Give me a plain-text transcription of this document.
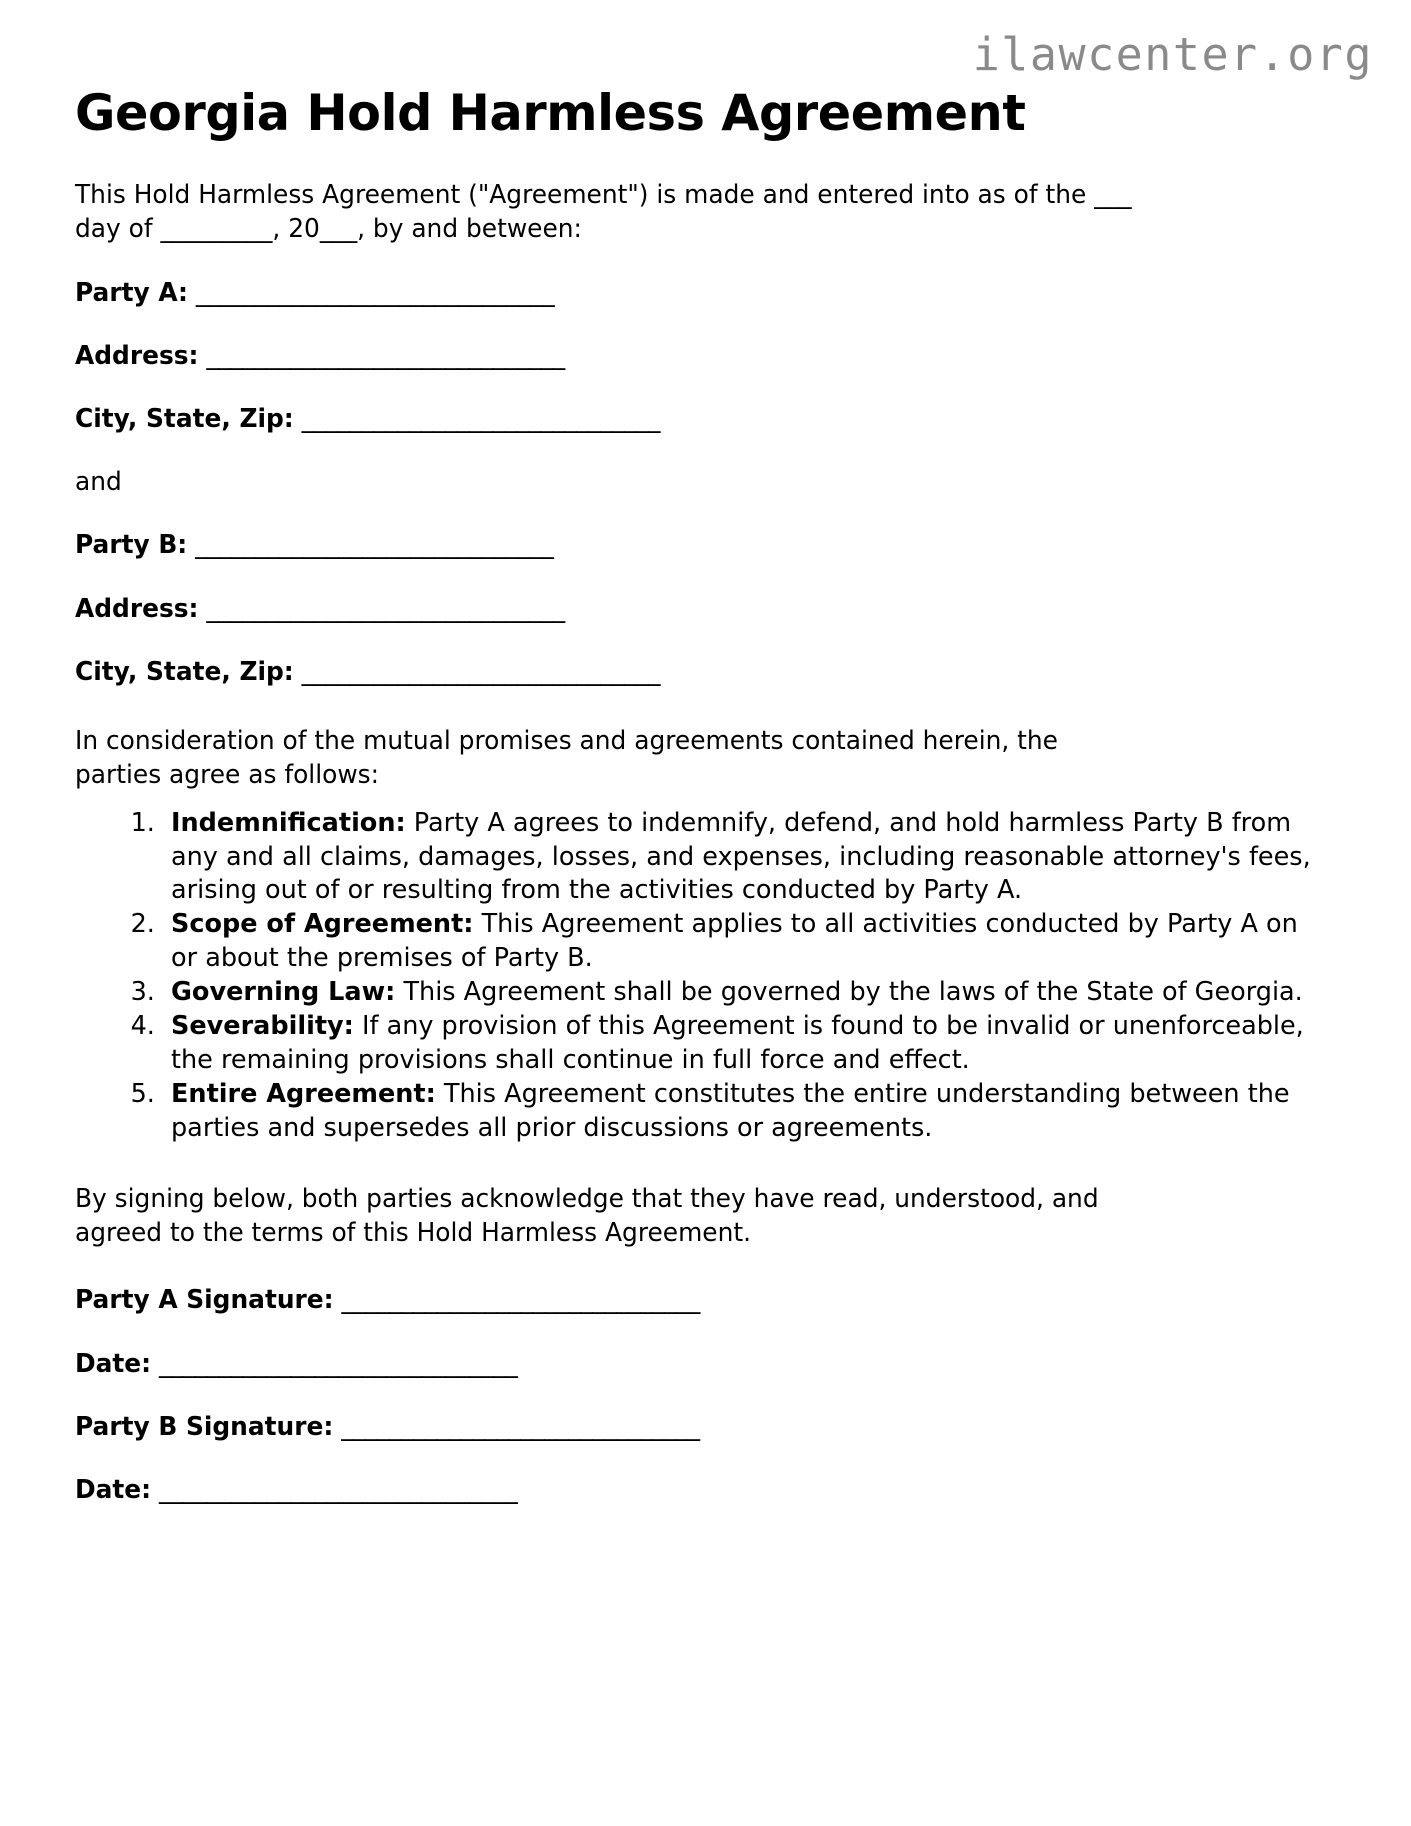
ilawcenter.org
Georgia Hold Harmless Agreement

This Hold Harmless Agreement ("Agreement") is made and entered into as of the ___ day of _________, 20___, by and between:

Party A: ______________________________
Address: ______________________________
City, State, Zip: ______________________________
and
Party B: ______________________________
Address: ______________________________
City, State, Zip: ______________________________

In consideration of the mutual promises and agreements contained herein, the parties agree as follows:

1. Indemnification: Party A agrees to indemnify, defend, and hold harmless Party B from any and all claims, damages, losses, and expenses, including reasonable attorney's fees, arising out of or resulting from the activities conducted by Party A.
2. Scope of Agreement: This Agreement applies to all activities conducted by Party A on or about the premises of Party B.
3. Governing Law: This Agreement shall be governed by the laws of the State of Georgia.
4. Severability: If any provision of this Agreement is found to be invalid or unenforceable, the remaining provisions shall continue in full force and effect.
5. Entire Agreement: This Agreement constitutes the entire understanding between the parties and supersedes all prior discussions or agreements.

By signing below, both parties acknowledge that they have read, understood, and agreed to the terms of this Hold Harmless Agreement.

Party A Signature: ______________________________
Date: ______________________________
Party B Signature: ______________________________
Date: ______________________________
